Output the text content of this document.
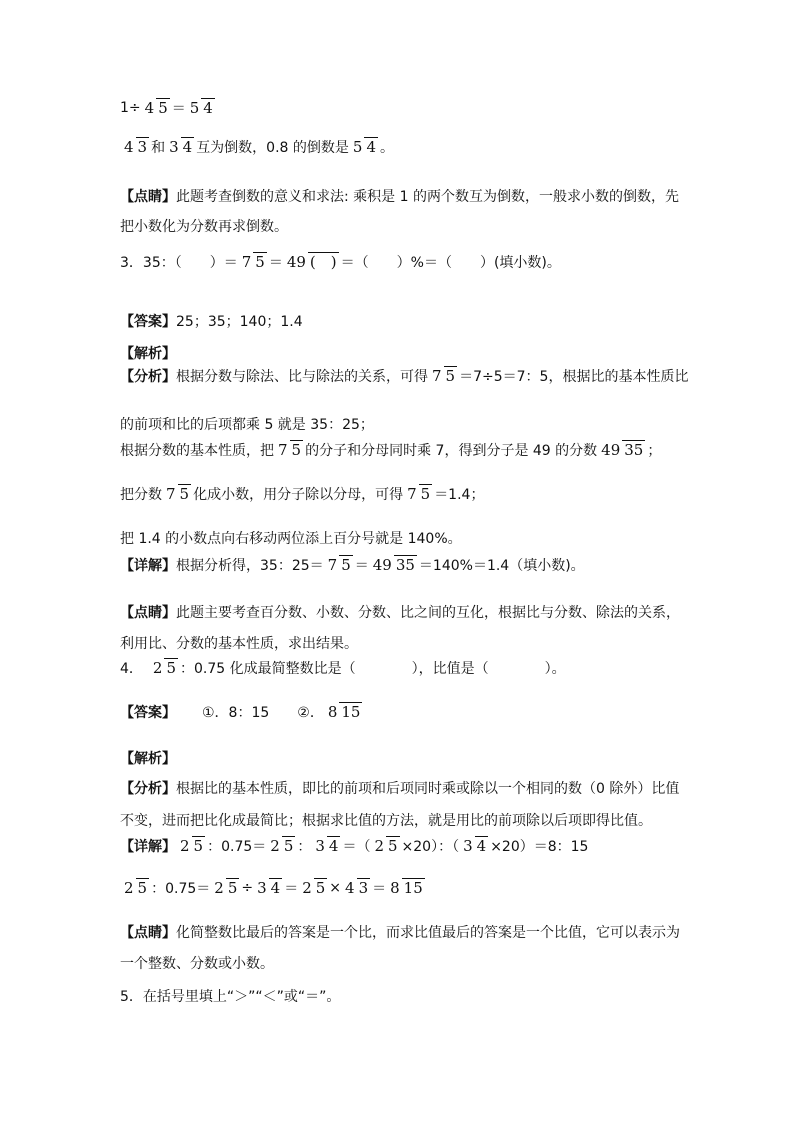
1÷ 4 5 ＝ 5 4
4 3 和 3 4 互为倒数，0.8 的倒数是 5 4 。
【点睛】 此题考查倒数的意义和求法: 乘积是 1 的两个数互为倒数，一般求小数的倒数，先
把小数化为分数再求倒数。
3．35：（　　）＝ 7 5 ＝ 49 (　) ＝（　　）%＝（　　）(填小数)。
【答案】 25；35；140；1.4
【解析】
【分析】 根据分数与除法、比与除法的关系，可得 7 5 ＝7÷5＝7：5，根据比的基本性质比
的前项和比的后项都乘 5 就是 35：25；
根据分数的基本性质，把 7 5 的分子和分母同时乘 7，得到分子是 49 的分数 49 35 ；
把分数 7 5 化成小数，用分子除以分母，可得 7 5 ＝1.4；
把 1.4 的小数点向右移动两位添上百分号就是 140%。
【详解】 根据分析得，35：25＝ 7 5 ＝ 49 35 ＝140%＝1.4（填小数)。
【点睛】 此题主要考查百分数、小数、分数、比之间的互化，根据比与分数、除法的关系，
利用比、分数的基本性质，求出结果。
4． 2 5 ：0.75 化成最简整数比是（　　　　），比值是（　　　　）。
【答案】 ①．8：15　　②． 8 15
【解析】
【分析】 根据比的基本性质，即比的前项和后项同时乘或除以一个相同的数（0 除外）比值
不变，进而把比化成最简比；根据求比值的方法，就是用比的前项除以后项即得比值。
【详解】 2 5 ：0.75＝ 2 5 ： 3 4 ＝（ 2 5 ×20）：（ 3 4 ×20）＝8：15
2 5 ：0.75＝ 2 5 ÷ 3 4 ＝ 2 5 × 4 3 ＝ 8 15
【点睛】 化简整数比最后的答案是一个比，而求比值最后的答案是一个比值，它可以表示为
一个整数、分数或小数。
5．在括号里填上“＞”“＜”或“＝”。
